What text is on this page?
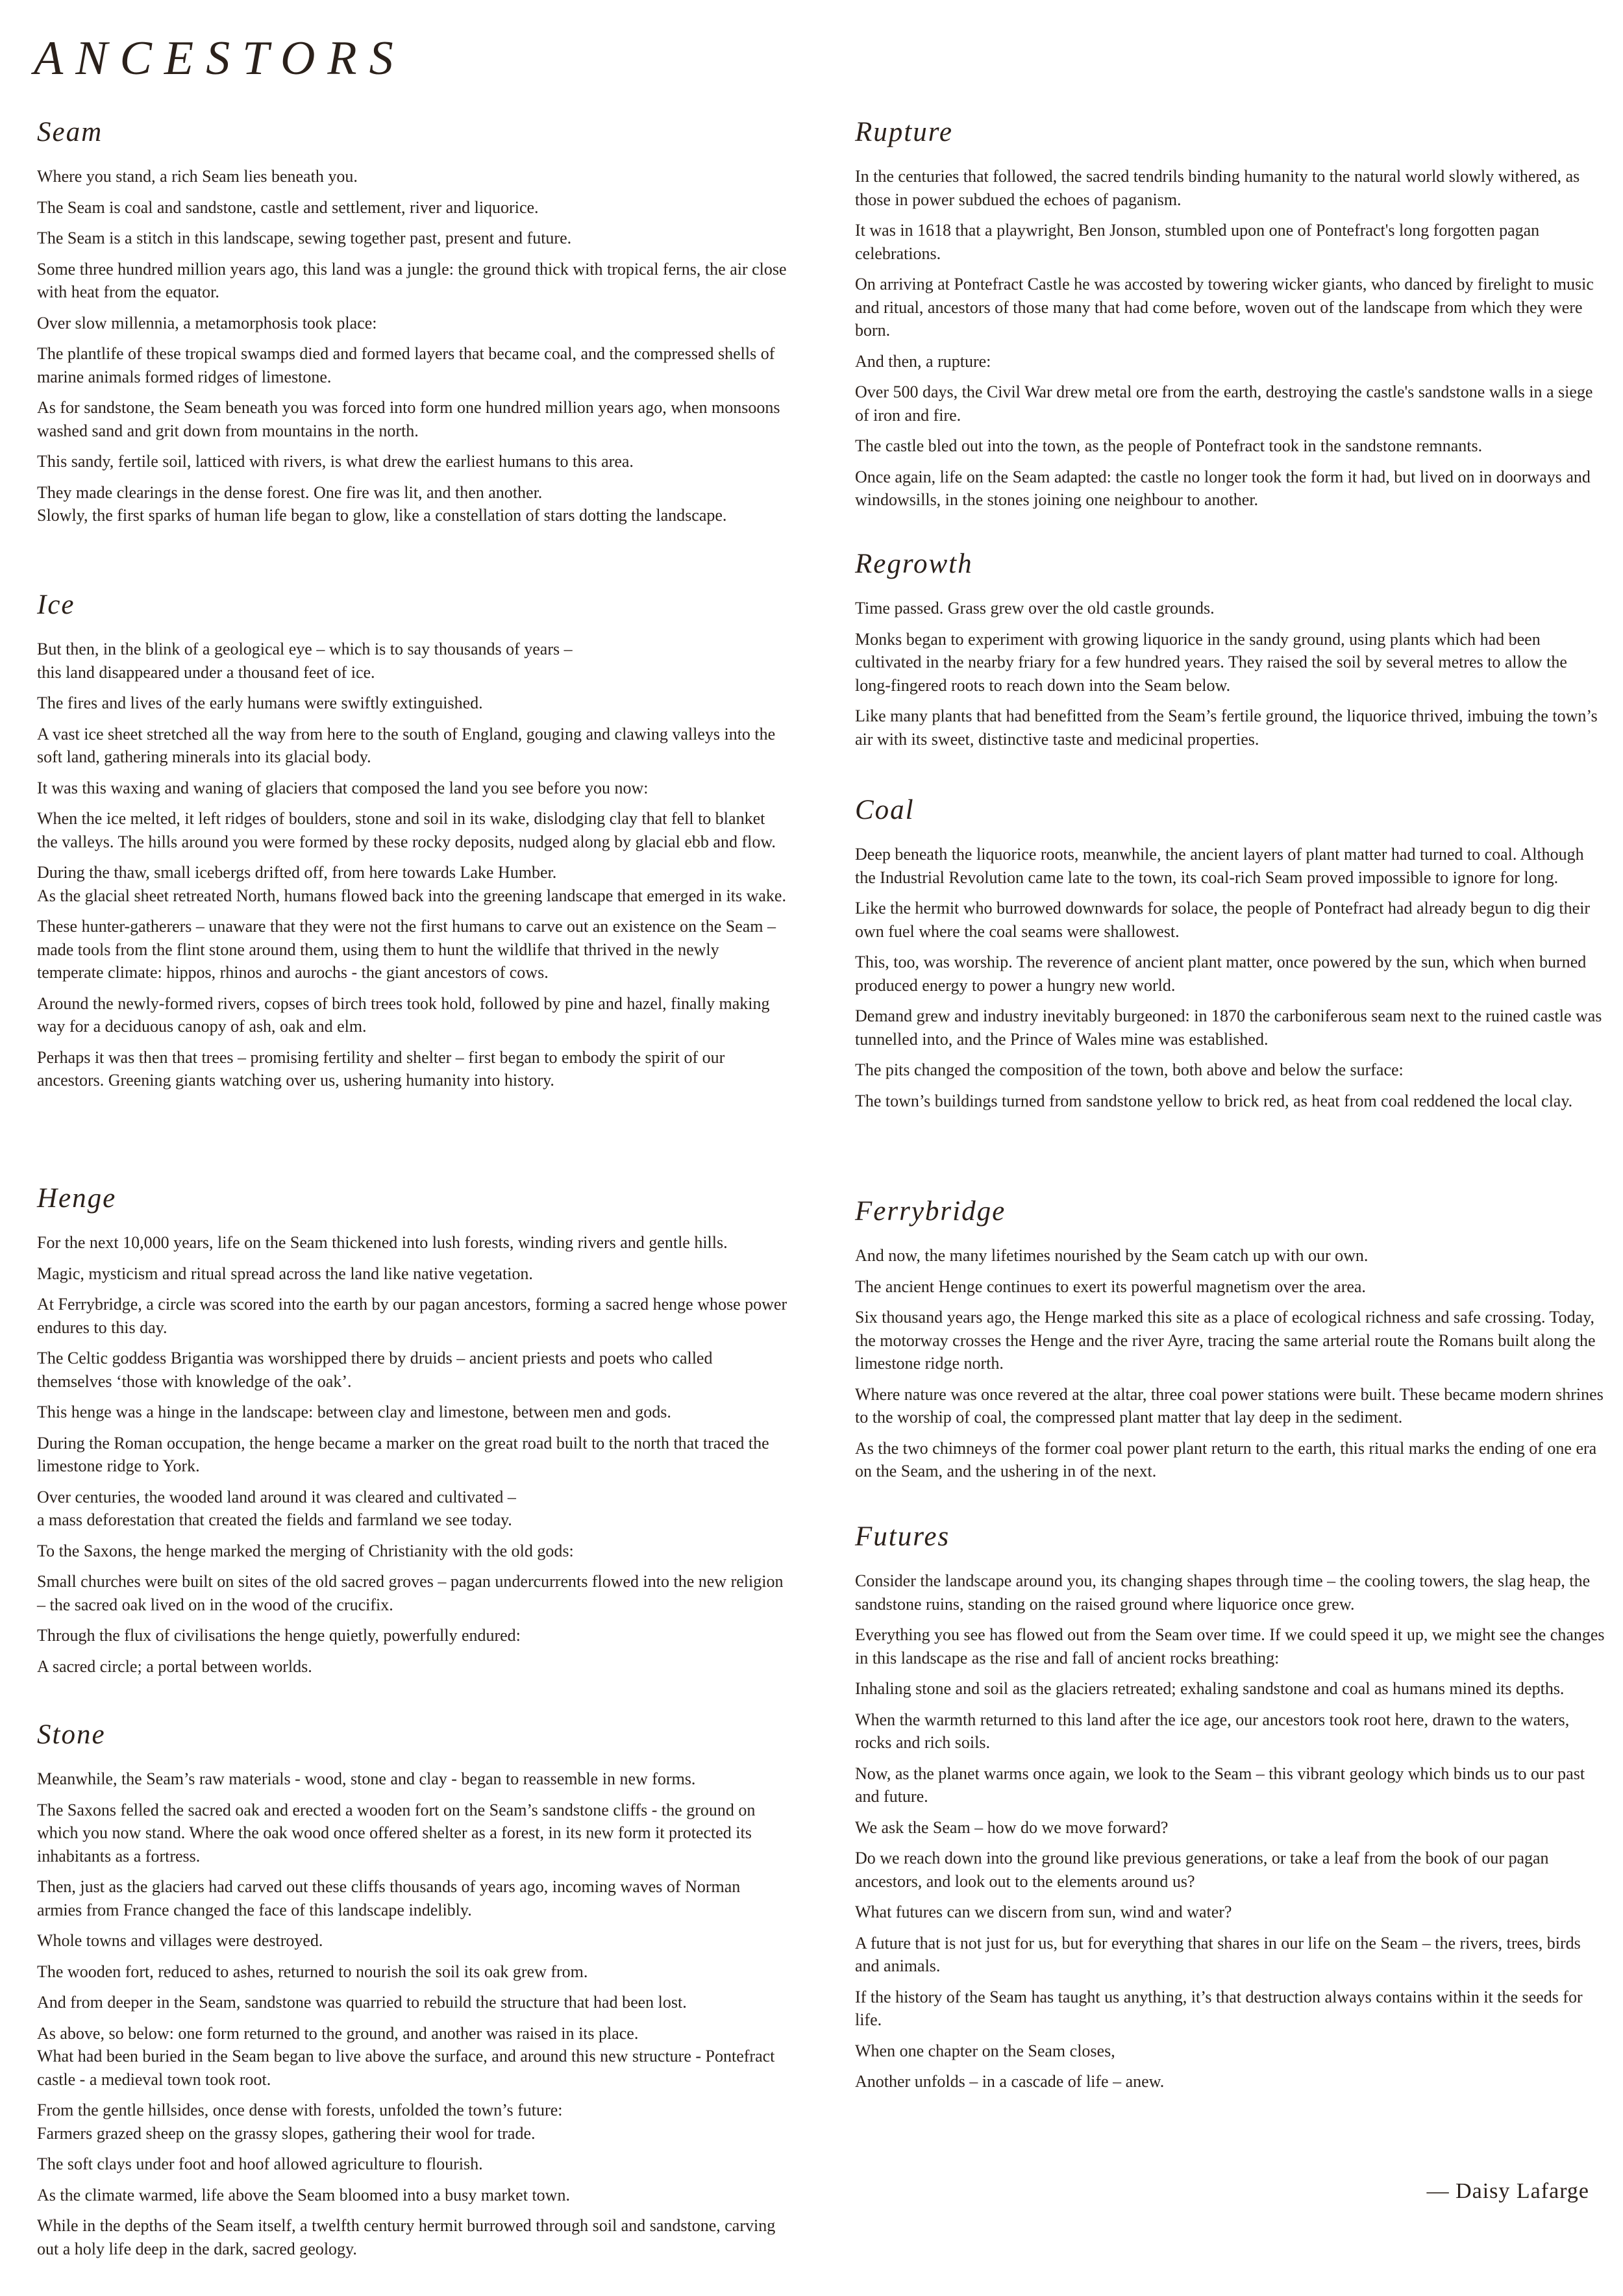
ANCESTORS
Seam

Where you stand, a rich Seam lies beneath you.

The Seam is coal and sandstone, castle and settlement, river and liquorice.

The Seam is a stitch in this landscape, sewing together past, present and future.

Some three hundred million years ago, this land was a jungle: the ground thick with tropical ferns, the air close with heat from the equator.

Over slow millennia, a metamorphosis took place:

The plantlife of these tropical swamps died and formed layers that became coal, and the compressed shells of marine animals formed ridges of limestone.

As for sandstone, the Seam beneath you was forced into form one hundred million years ago, when monsoons washed sand and grit down from mountains in the north.

This sandy, fertile soil, latticed with rivers, is what drew the earliest humans to this area.

They made clearings in the dense forest. One fire was lit, and then another.
Slowly, the first sparks of human life began to glow, like a constellation of stars dotting the landscape.

Ice

But then, in the blink of a geological eye – which is to say thousands of years –
this land disappeared under a thousand feet of ice.

The fires and lives of the early humans were swiftly extinguished.

A vast ice sheet stretched all the way from here to the south of England, gouging and clawing valleys into the soft land, gathering minerals into its glacial body.

It was this waxing and waning of glaciers that composed the land you see before you now:

When the ice melted, it left ridges of boulders, stone and soil in its wake, dislodging clay that fell to blanket the valleys. The hills around you were formed by these rocky deposits, nudged along by glacial ebb and flow.

During the thaw, small icebergs drifted off, from here towards Lake Humber.
As the glacial sheet retreated North, humans flowed back into the greening landscape that emerged in its wake.

These hunter-gatherers – unaware that they were not the first humans to carve out an existence on the Seam – made tools from the flint stone around them, using them to hunt the wildlife that thrived in the newly temperate climate: hippos, rhinos and aurochs - the giant ancestors of cows.

Around the newly-formed rivers, copses of birch trees took hold, followed by pine and hazel, finally making way for a deciduous canopy of ash, oak and elm.

Perhaps it was then that trees – promising fertility and shelter – first began to embody the spirit of our ancestors. Greening giants watching over us, ushering humanity into history.

Henge

For the next 10,000 years, life on the Seam thickened into lush forests, winding rivers and gentle hills.

Magic, mysticism and ritual spread across the land like native vegetation.

At Ferrybridge, a circle was scored into the earth by our pagan ancestors, forming a sacred henge whose power endures to this day.

The Celtic goddess Brigantia was worshipped there by druids – ancient priests and poets who called themselves ‘those with knowledge of the oak’.

This henge was a hinge in the landscape: between clay and limestone, between men and gods.

During the Roman occupation, the henge became a marker on the great road built to the north that traced the limestone ridge to York.

Over centuries, the wooded land around it was cleared and cultivated –
a mass deforestation that created the fields and farmland we see today.

To the Saxons, the henge marked the merging of Christianity with the old gods:

Small churches were built on sites of the old sacred groves – pagan undercurrents flowed into the new religion – the sacred oak lived on in the wood of the crucifix.

Through the flux of civilisations the henge quietly, powerfully endured:

A sacred circle; a portal between worlds.

Stone

Meanwhile, the Seam’s raw materials - wood, stone and clay - began to reassemble in new forms.

The Saxons felled the sacred oak and erected a wooden fort on the Seam’s sandstone cliffs - the ground on which you now stand. Where the oak wood once offered shelter as a forest, in its new form it protected its inhabitants as a fortress.

Then, just as the glaciers had carved out these cliffs thousands of years ago, incoming waves of Norman armies from France changed the face of this landscape indelibly.

Whole towns and villages were destroyed.

The wooden fort, reduced to ashes, returned to nourish the soil its oak grew from.

And from deeper in the Seam, sandstone was quarried to rebuild the structure that had been lost.

As above, so below: one form returned to the ground, and another was raised in its place.
What had been buried in the Seam began to live above the surface, and around this new structure - Pontefract castle - a medieval town took root.

From the gentle hillsides, once dense with forests, unfolded the town’s future:
Farmers grazed sheep on the grassy slopes, gathering their wool for trade.

The soft clays under foot and hoof allowed agriculture to flourish.

As the climate warmed, life above the Seam bloomed into a busy market town.

While in the depths of the Seam itself, a twelfth century hermit burrowed through soil and sandstone, carving out a holy life deep in the dark, sacred geology.

Rupture

In the centuries that followed, the sacred tendrils binding humanity to the natural world slowly withered, as those in power subdued the echoes of paganism.

It was in 1618 that a playwright, Ben Jonson, stumbled upon one of Pontefract's long forgotten pagan celebrations.

On arriving at Pontefract Castle he was accosted by towering wicker giants, who danced by firelight to music and ritual, ancestors of those many that had come before, woven out of the landscape from which they were born.

And then, a rupture:

Over 500 days, the Civil War drew metal ore from the earth, destroying the castle's sandstone walls in a siege of iron and fire.

The castle bled out into the town, as the people of Pontefract took in the sandstone remnants.

Once again, life on the Seam adapted: the castle no longer took the form it had, but lived on in doorways and windowsills, in the stones joining one neighbour to another.

Regrowth

Time passed. Grass grew over the old castle grounds.

Monks began to experiment with growing liquorice in the sandy ground, using plants which had been cultivated in the nearby friary for a few hundred years. They raised the soil by several metres to allow the long-fingered roots to reach down into the Seam below.

Like many plants that had benefitted from the Seam’s fertile ground, the liquorice thrived, imbuing the town’s air with its sweet, distinctive taste and medicinal properties.

Coal

Deep beneath the liquorice roots, meanwhile, the ancient layers of plant matter had turned to coal. Although the Industrial Revolution came late to the town, its coal-rich Seam proved impossible to ignore for long.

Like the hermit who burrowed downwards for solace, the people of Pontefract had already begun to dig their own fuel where the coal seams were shallowest.

This, too, was worship. The reverence of ancient plant matter, once powered by the sun, which when burned produced energy to power a hungry new world.

Demand grew and industry inevitably burgeoned: in 1870 the carboniferous seam next to the ruined castle was tunnelled into, and the Prince of Wales mine was established.

The pits changed the composition of the town, both above and below the surface:

The town’s buildings turned from sandstone yellow to brick red, as heat from coal reddened the local clay.

Ferrybridge

And now, the many lifetimes nourished by the Seam catch up with our own.

The ancient Henge continues to exert its powerful magnetism over the area.

Six thousand years ago, the Henge marked this site as a place of ecological richness and safe crossing. Today, the motorway crosses the Henge and the river Ayre, tracing the same arterial route the Romans built along the limestone ridge north.

Where nature was once revered at the altar, three coal power stations were built. These became modern shrines to the worship of coal, the compressed plant matter that lay deep in the sediment.

As the two chimneys of the former coal power plant return to the earth, this ritual marks the ending of one era on the Seam, and the ushering in of the next.

Futures

Consider the landscape around you, its changing shapes through time – the cooling towers, the slag heap, the sandstone ruins, standing on the raised ground where liquorice once grew.

Everything you see has flowed out from the Seam over time. If we could speed it up, we might see the changes in this landscape as the rise and fall of ancient rocks breathing:

Inhaling stone and soil as the glaciers retreated; exhaling sandstone and coal as humans mined its depths.

When the warmth returned to this land after the ice age, our ancestors took root here, drawn to the waters, rocks and rich soils.

Now, as the planet warms once again, we look to the Seam – this vibrant geology which binds us to our past and future.

We ask the Seam – how do we move forward?

Do we reach down into the ground like previous generations, or take a leaf from the book of our pagan ancestors, and look out to the elements around us?

What futures can we discern from sun, wind and water?

A future that is not just for us, but for everything that shares in our life on the Seam – the rivers, trees, birds and animals.

If the history of the Seam has taught us anything, it’s that destruction always contains within it the seeds for life.

When one chapter on the Seam closes,

Another unfolds – in a cascade of life – anew.

— Daisy Lafarge
